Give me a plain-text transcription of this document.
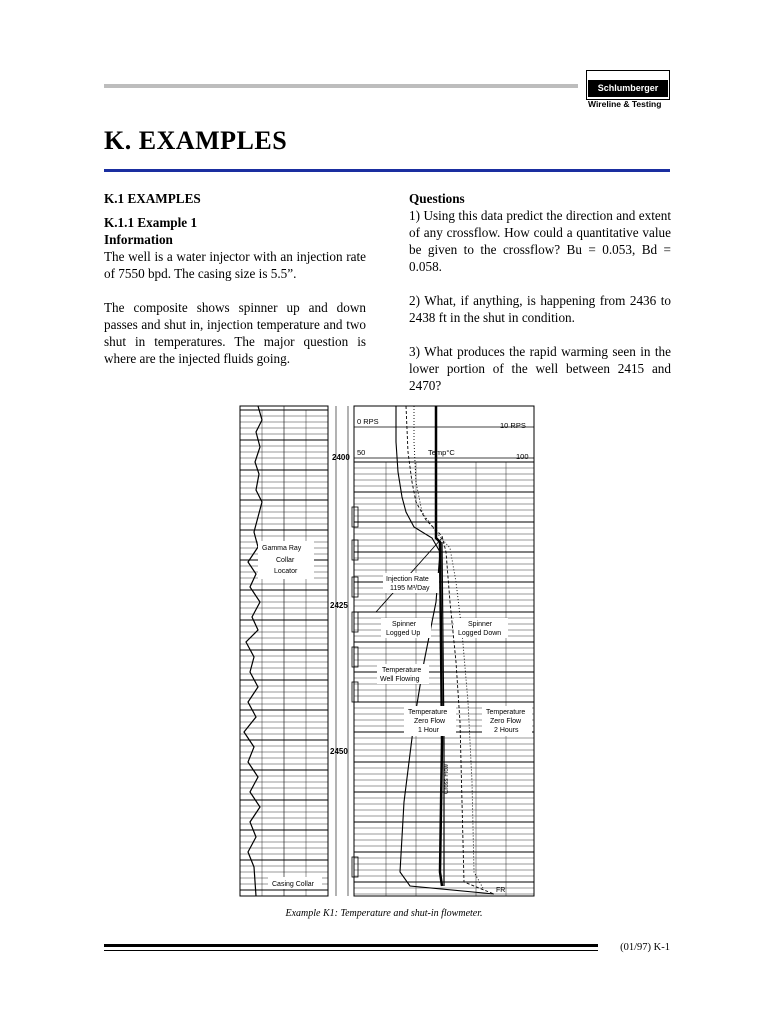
Schlumberger
Wireline & Testing
K. EXAMPLES
K.1 EXAMPLES
K.1.1 Example 1
Information

The well is a water injector with an injection rate of 7550 bpd. The casing size is 5.5”.

The composite shows spinner up and down passes and shut in, injection temperature and two shut in temperatures. The major question is where are the injected fluids going.

Questions

1) Using this data predict the direction and extent of any crossflow. How could a quantitative value be given to the crossflow? Bu = 0.053, Bd = 0.058.

2) What, if anything, is happening from 2436 to 2438 ft in the shut in condition.

3) What produces the rapid warming seen in the lower portion of the well between 2415 and 2470?

2400
2425
2450
0 RPS	10 RPS
50	Temp°C	100
Injection Rate
1195 M³/Day
Spinner
Logged Up
Spinner
Logged Down
Temperature
Well Flowing
Temperature
Zero Flow
1 Hour
Temperature
Zero Flow
2 Hours
Cross Flow
FR
Gamma Ray
Collar
Locator
Casing Collar
Example K1: Temperature and shut-in flowmeter.
(01/97) K-1
